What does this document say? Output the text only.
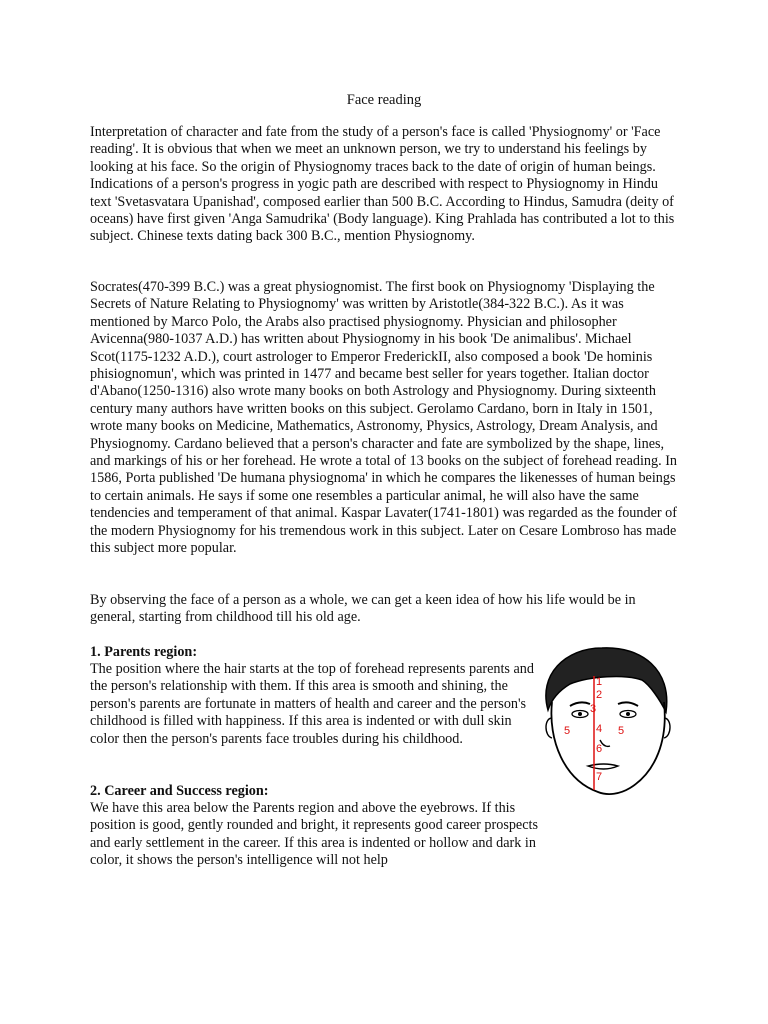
Face reading

Interpretation of character and fate from the study of a person's face is called 'Physiognomy' or 'Face reading'. It is obvious that when we meet an unknown person, we try to understand his feelings by looking at his face. So the origin of Physiognomy traces back to the date of origin of human beings. Indications of a person's progress in yogic path are described with respect to Physiognomy in Hindu text 'Svetasvatara Upanishad', composed earlier than 500 B.C. According to Hindus, Samudra (deity of oceans) have first given 'Anga Samudrika' (Body language). King Prahlada has contributed a lot to this subject. Chinese texts dating back 300 B.C., mention Physiognomy.

Socrates(470-399 B.C.) was a great physiognomist. The first book on Physiognomy 'Displaying the Secrets of Nature Relating to Physiognomy' was written by Aristotle(384-322 B.C.). As it was mentioned by Marco Polo, the Arabs also practised physiognomy. Physician and philosopher Avicenna(980-1037 A.D.) has written about Physiognomy in his book 'De animalibus'. Michael Scot(1175-1232 A.D.), court astrologer to Emperor FrederickII, also composed a book 'De hominis phisiognomun', which was printed in 1477 and became best seller for years together. Italian doctor d'Abano(1250-1316) also wrote many books on both Astrology and Physiognomy. During sixteenth century many authors have written books on this subject. Gerolamo Cardano, born in Italy in 1501, wrote many books on Medicine, Mathematics, Astronomy, Physics, Astrology, Dream Analysis, and Physiognomy. Cardano believed that a person's character and fate are symbolized by the shape, lines, and markings of his or her forehead. He wrote a total of 13 books on the subject of forehead reading. In 1586, Porta published 'De humana physiognoma' in which he compares the likenesses of human beings to certain animals. He says if some one resembles a particular animal, he will also have the same tendencies and temperament of that animal. Kaspar Lavater(1741-1801) was regarded as the founder of the modern Physiognomy for his tremendous work in this subject. Later on Cesare Lombroso has made this subject more popular.

By observing the face of a person as a whole, we can get a keen idea of how his life would be in general, starting from childhood till his old age.

1. Parents region:

The position where the hair starts at the top of forehead represents parents and the person's relationship with them. If this area is smooth and shining, the person's parents are fortunate in matters of health and career and the person's childhood is filled with happiness. If this area is indented or with dull skin color then the person's parents face troubles during his childhood.

1
2
3
4
5	5
6
7

2. Career and Success region:

We have this area below the Parents region and above the eyebrows. If this position is good, gently rounded and bright, it represents good career prospects and early settlement in the career. If this area is indented or hollow and dark in color, it shows the person's intelligence will not help
